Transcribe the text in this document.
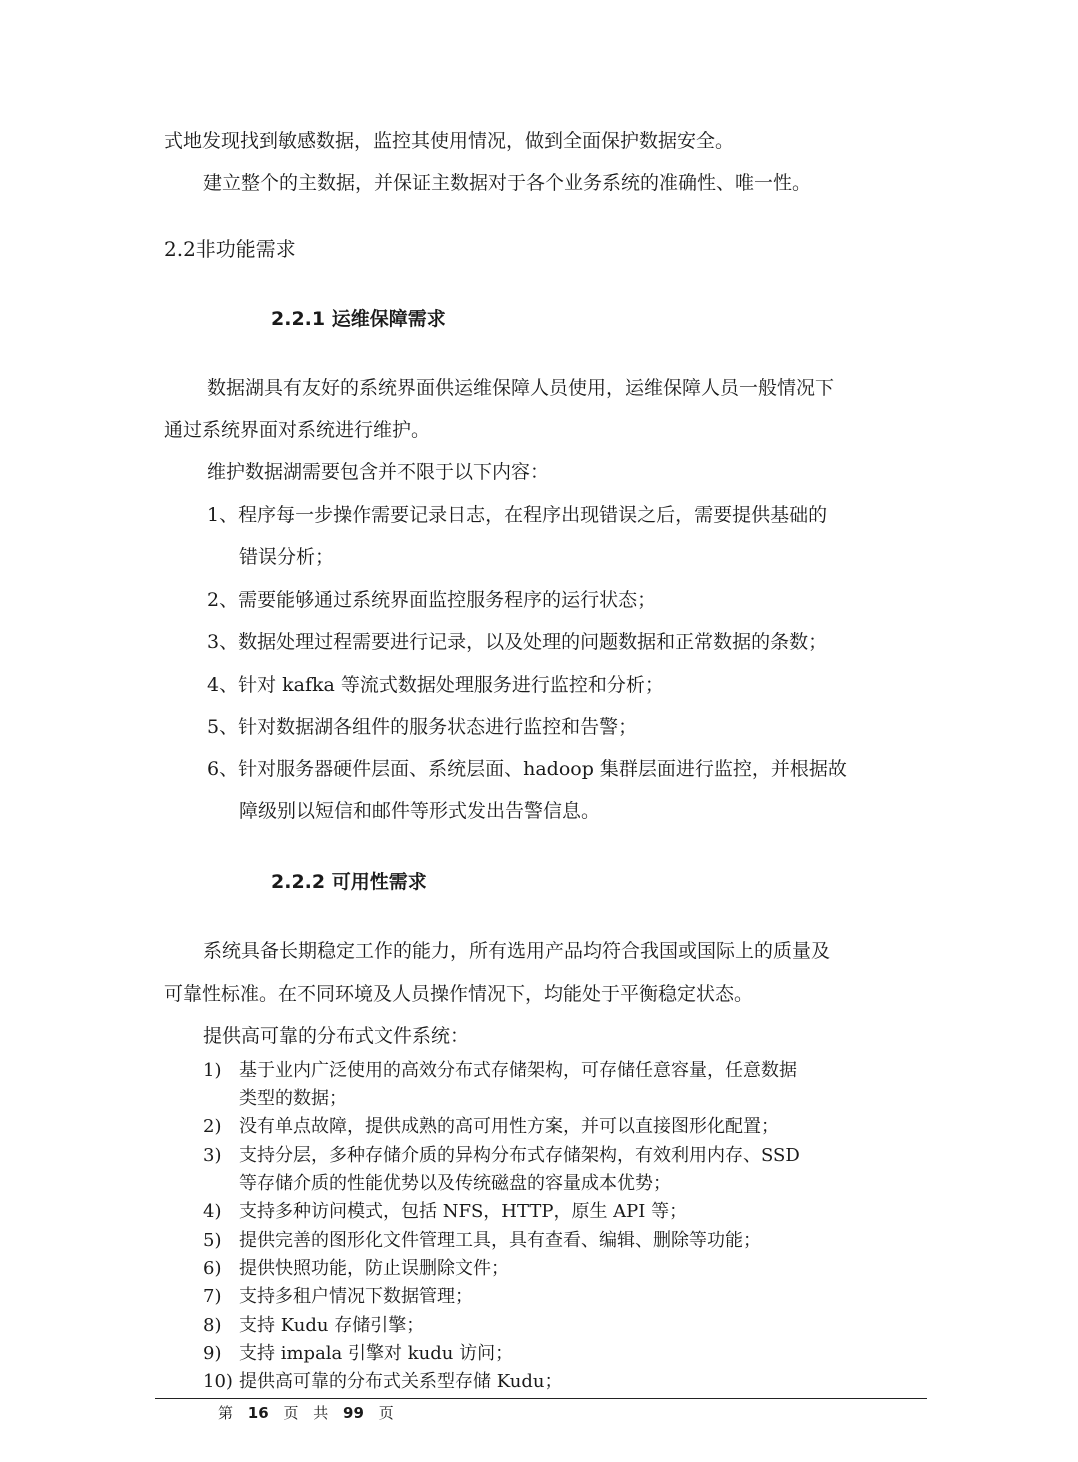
式地发现找到敏感数据，监控其使用情况，做到全面保护数据安全。
建立整个的主数据，并保证主数据对于各个业务系统的准确性、唯一性。
2.2非功能需求
2.2.1 运维保障需求
数据湖具有友好的系统界面供运维保障人员使用，运维保障人员一般情况下
通过系统界面对系统进行维护。
维护数据湖需要包含并不限于以下内容：
1、程序每一步操作需要记录日志，在程序出现错误之后，需要提供基础的
错误分析；
2、需要能够通过系统界面监控服务程序的运行状态；
3、数据处理过程需要进行记录，以及处理的问题数据和正常数据的条数；
4、针对 kafka 等流式数据处理服务进行监控和分析；
5、针对数据湖各组件的服务状态进行监控和告警；
6、针对服务器硬件层面、系统层面、hadoop 集群层面进行监控，并根据故
障级别以短信和邮件等形式发出告警信息。
2.2.2 可用性需求
系统具备长期稳定工作的能力，所有选用产品均符合我国或国际上的质量及
可靠性标准。在不同环境及人员操作情况下，均能处于平衡稳定状态。
提供高可靠的分布式文件系统：
1) 基于业内广泛使用的高效分布式存储架构，可存储任意容量，任意数据
类型的数据；
2) 没有单点故障，提供成熟的高可用性方案，并可以直接图形化配置；
3) 支持分层，多种存储介质的异构分布式存储架构，有效利用内存、SSD
等存储介质的性能优势以及传统磁盘的容量成本优势；
4) 支持多种访问模式，包括 NFS，HTTP，原生 API 等；
5) 提供完善的图形化文件管理工具，具有查看、编辑、删除等功能；
6) 提供快照功能，防止误删除文件；
7) 支持多租户情况下数据管理；
8) 支持 Kudu 存储引擎；
9) 支持 impala 引擎对 kudu 访问；
10) 提供高可靠的分布式关系型存储 Kudu；
第 16 页 共 99 页
